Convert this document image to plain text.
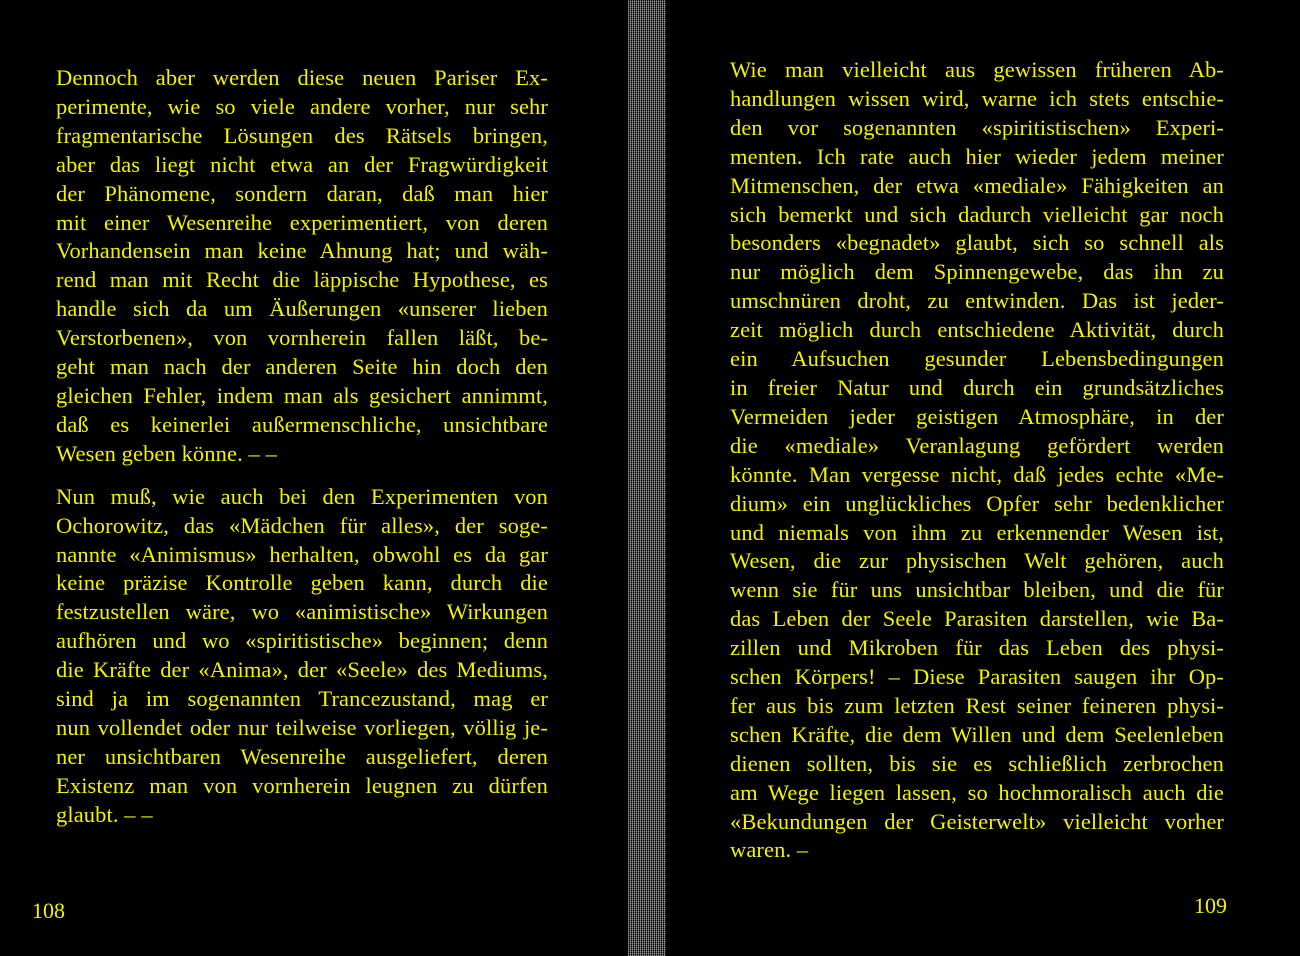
Dennoch aber werden diese neuen Pariser Ex-
perimente, wie so viele andere vorher, nur sehr
fragmentarische Lösungen des Rätsels bringen,
aber das liegt nicht etwa an der Fragwürdigkeit
der Phänomene, sondern daran, daß man hier
mit einer Wesenreihe experimentiert, von deren
Vorhandensein man keine Ahnung hat; und wäh-
rend man mit Recht die läppische Hypothese, es
handle sich da um Äußerungen «unserer lieben
Verstorbenen», von vornherein fallen läßt, be-
geht man nach der anderen Seite hin doch den
gleichen Fehler, indem man als gesichert annimmt,
daß es keinerlei außermenschliche, unsichtbare
Wesen geben könne. – –

Nun muß, wie auch bei den Experimenten von
Ochorowitz, das «Mädchen für alles», der soge-
nannte «Animismus» herhalten, obwohl es da gar
keine präzise Kontrolle geben kann, durch die
festzustellen wäre, wo «animistische» Wirkungen
aufhören und wo «spiritistische» beginnen; denn
die Kräfte der «Anima», der «Seele» des Mediums,
sind ja im sogenannten Trancezustand, mag er
nun vollendet oder nur teilweise vorliegen, völlig je-
ner unsichtbaren Wesenreihe ausgeliefert, deren
Existenz man von vornherein leugnen zu dürfen
glaubt. – –

108

Wie man vielleicht aus gewissen früheren Ab-
handlungen wissen wird, warne ich stets entschie-
den vor sogenannten «spiritistischen» Experi-
menten. Ich rate auch hier wieder jedem meiner
Mitmenschen, der etwa «mediale» Fähigkeiten an
sich bemerkt und sich dadurch vielleicht gar noch
besonders «begnadet» glaubt, sich so schnell als
nur möglich dem Spinnengewebe, das ihn zu
umschnüren droht, zu entwinden. Das ist jeder-
zeit möglich durch entschiedene Aktivität, durch
ein Aufsuchen gesunder Lebensbedingungen
in freier Natur und durch ein grundsätzliches
Vermeiden jeder geistigen Atmosphäre, in der
die «mediale» Veranlagung gefördert werden
könnte. Man vergesse nicht, daß jedes echte «Me-
dium» ein unglückliches Opfer sehr bedenklicher
und niemals von ihm zu erkennender Wesen ist,
Wesen, die zur physischen Welt gehören, auch
wenn sie für uns unsichtbar bleiben, und die für
das Leben der Seele Parasiten darstellen, wie Ba-
zillen und Mikroben für das Leben des physi-
schen Körpers! – Diese Parasiten saugen ihr Op-
fer aus bis zum letzten Rest seiner feineren physi-
schen Kräfte, die dem Willen und dem Seelenleben
dienen sollten, bis sie es schließlich zerbrochen
am Wege liegen lassen, so hochmoralisch auch die
«Bekundungen der Geisterwelt» vielleicht vorher
waren. –

109
